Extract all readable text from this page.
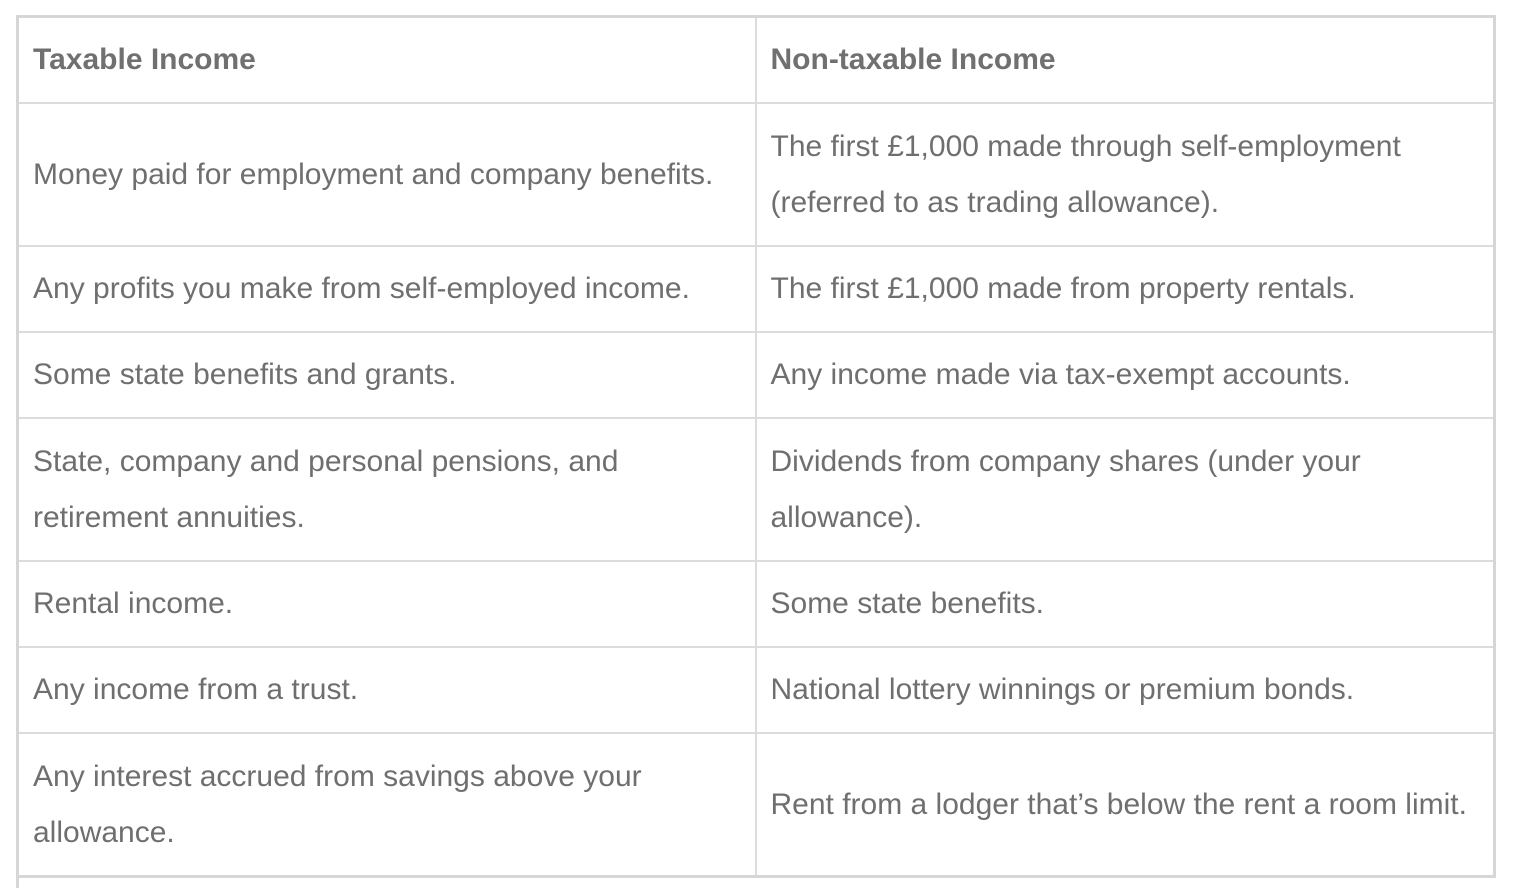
Taxable Income	Non-taxable Income
Money paid for employment and company benefits.	The first £1,000 made through self-employment (referred to as trading allowance).
Any profits you make from self-employed income.	The first £1,000 made from property rentals.
Some state benefits and grants.	Any income made via tax-exempt accounts.
State, company and personal pensions, and retirement annuities.	Dividends from company shares (under your allowance).
Rental income.	Some state benefits.
Any income from a trust.	National lottery winnings or premium bonds.
Any interest accrued from savings above your allowance.	Rent from a lodger that’s below the rent a room limit.
